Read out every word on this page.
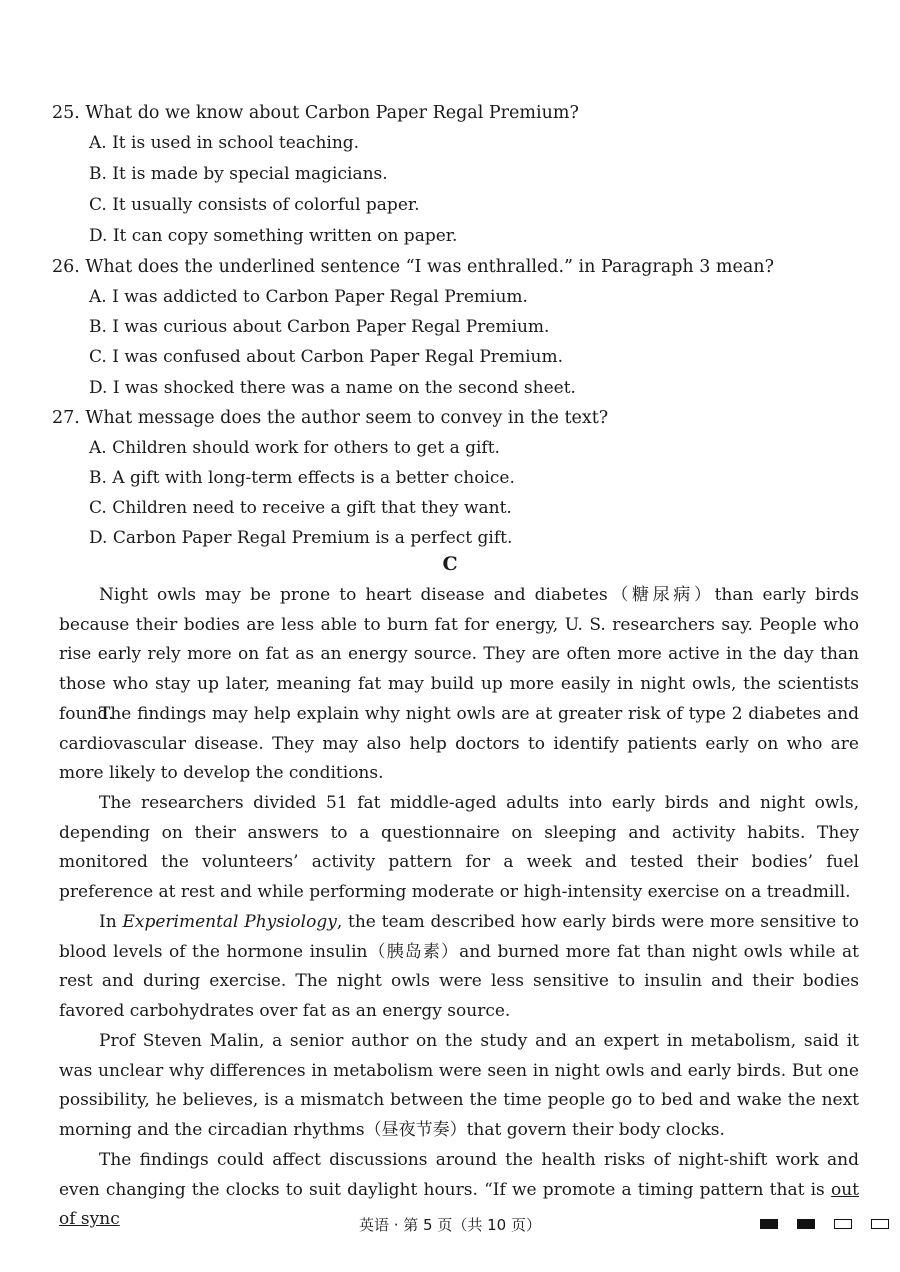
25. What do we know about Carbon Paper Regal Premium?
A. It is used in school teaching.
B. It is made by special magicians.
C. It usually consists of colorful paper.
D. It can copy something written on paper.
26. What does the underlined sentence “I was enthralled.” in Paragraph 3 mean?
A. I was addicted to Carbon Paper Regal Premium.
B. I was curious about Carbon Paper Regal Premium.
C. I was confused about Carbon Paper Regal Premium.
D. I was shocked there was a name on the second sheet.
27. What message does the author seem to convey in the text?
A. Children should work for others to get a gift.
B. A gift with long-term effects is a better choice.
C. Children need to receive a gift that they want.
D. Carbon Paper Regal Premium is a perfect gift.
C
Night owls may be prone to heart disease and diabetes（糖尿病）than early birds because their bodies are less able to burn fat for energy, U. S. researchers say. People who rise early rely more on fat as an energy source. They are often more active in the day than those who stay up later, meaning fat may build up more easily in night owls, the scientists found.
The findings may help explain why night owls are at greater risk of type 2 diabetes and cardiovascular disease. They may also help doctors to identify patients early on who are more likely to develop the conditions.
The researchers divided 51 fat middle-aged adults into early birds and night owls, depending on their answers to a questionnaire on sleeping and activity habits. They monitored the volunteers’ activity pattern for a week and tested their bodies’ fuel preference at rest and while performing moderate or high-intensity exercise on a treadmill.
In Experimental Physiology, the team described how early birds were more sensitive to blood levels of the hormone insulin（胰岛素）and burned more fat than night owls while at rest and during exercise. The night owls were less sensitive to insulin and their bodies favored carbohydrates over fat as an energy source.
Prof Steven Malin, a senior author on the study and an expert in metabolism, said it was unclear why differences in metabolism were seen in night owls and early birds. But one possibility, he believes, is a mismatch between the time people go to bed and wake the next morning and the circadian rhythms（昼夜节奏）that govern their body clocks.
The findings could affect discussions around the health risks of night-shift work and even changing the clocks to suit daylight hours. “If we promote a timing pattern that is out of sync	英语 · 第 5 页（共 10 页）
